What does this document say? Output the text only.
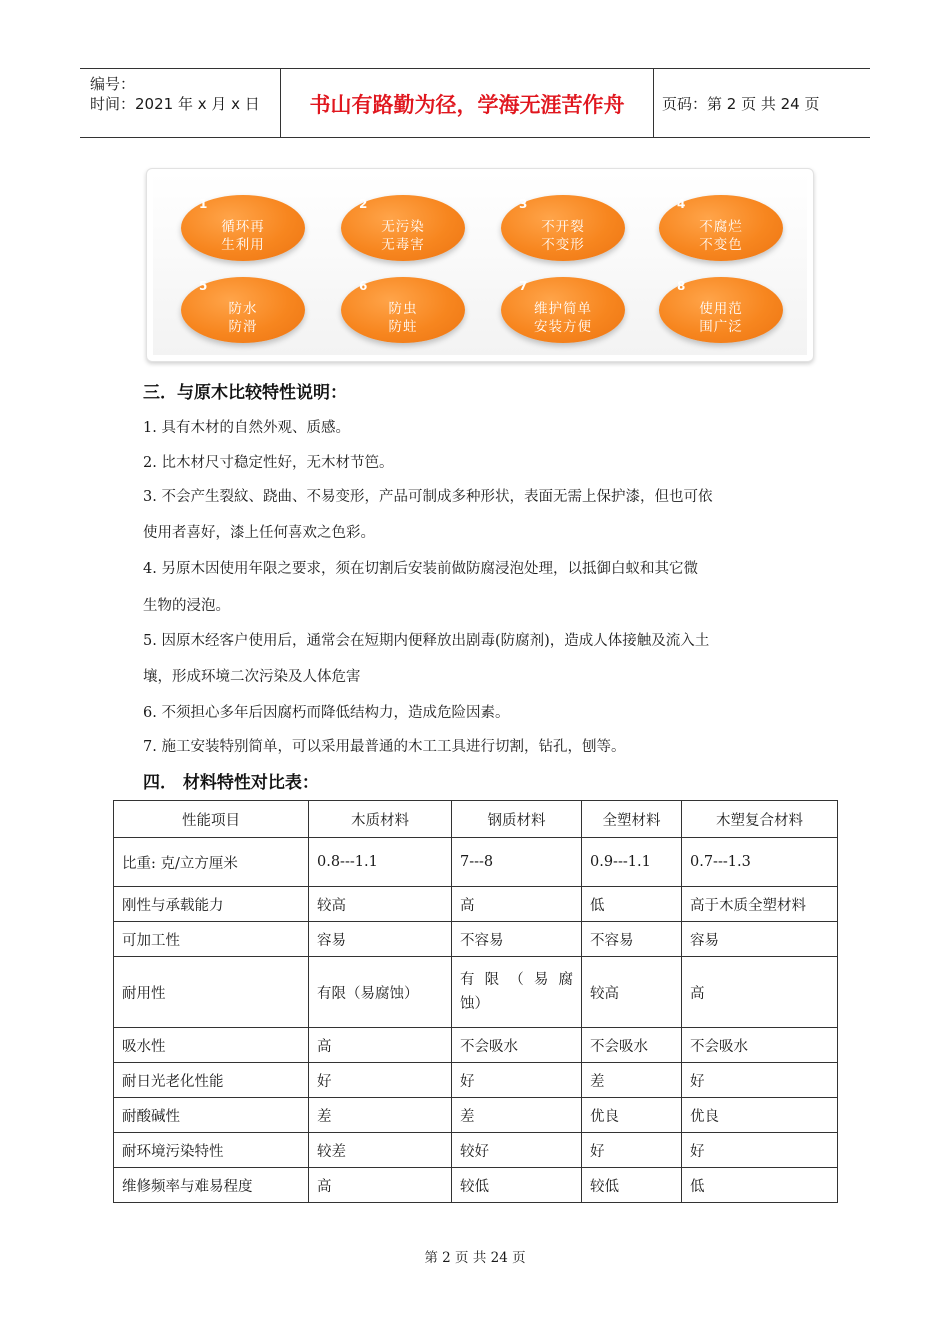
编号：
时间：2021 年 x 月 x 日	书山有路勤为径，学海无涯苦作舟	页码：第 2 页 共 24 页
1
循环再
生利用
2
无污染
无毒害
3
不开裂
不变形
4
不腐烂
不变色
5
防水
防滑
6
防虫
防蛀
7
维护简单
安装方便
8
使用范
围广泛
三．与原木比较特性说明：
1. 具有木材的自然外观、质感。
2. 比木材尺寸稳定性好，无木材节笆。
3. 不会产生裂紋、跷曲、不易变形，产品可制成多种形状，表面无需上保护漆，但也可依
使用者喜好，漆上任何喜欢之色彩。
4. 另原木因使用年限之要求，须在切割后安装前做防腐浸泡处理，以抵御白蚁和其它微
生物的浸泡。
5. 因原木经客户使用后，通常会在短期内便释放出剧毒(防腐剂)，造成人体接触及流入土
壤，形成环境二次污染及人体危害
6. 不须担心多年后因腐朽而降低结构力，造成危险因素。
7. 施工安装特别简单，可以采用最普通的木工工具进行切割，钻孔，刨等。
四． 材料特性对比表：
性能项目	木质材料	钢质材料	全塑材料	木塑复合材料
比重: 克/立方厘米	0.8---1.1	7---8	0.9---1.1	0.7---1.3
刚性与承载能力	较高	高	低	高于木质全塑材料
可加工性	容易	不容易	不容易	容易
耐用性	有限（易腐蚀）	有限（易腐
蚀）	较高	高
吸水性	高	不会吸水	不会吸水	不会吸水
耐日光老化性能	好	好	差	好
耐酸碱性	差	差	优良	优良
耐环境污染特性	较差	较好	好	好
维修频率与难易程度	高	较低	较低	低
第 2 页 共 24 页
